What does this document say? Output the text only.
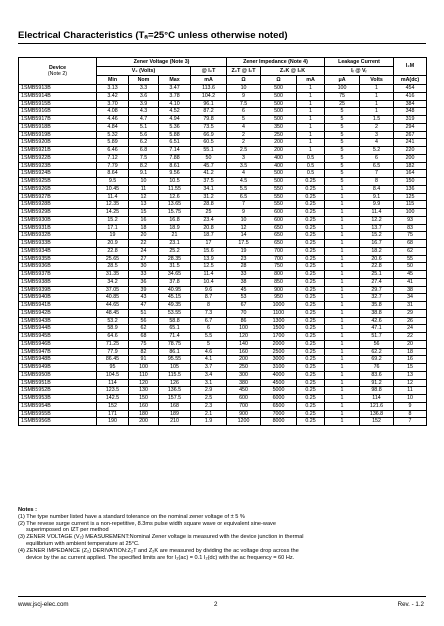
Electrical Characteristics (Tₐ=25°C unless otherwise noted)
Device
(Note 2)	Zener Voltage (Note 3)				Zener Impedance (Note 4)			Leakage Current		I₂M
	V₂ (Volts)			@ I₂T	Z₂T @ I₂T	Z₂K @ I₂K		Iᵣ @ Vᵣ		
	Min	Nom	Max	mA	Ω	Ω	mA	μA	Volts	mA(dc)
1SMB5913B	3.13	3.3	3.47	113.6	10	500	1	100	1	454
1SMB5914B	3.42	3.6	3.78	104.2	9	500	1	75	1	416
1SMB5915B	3.70	3.9	4.10	96.1	7.5	500	1	25	1	384
1SMB5916B	4.08	4.3	4.52	87.2	6	500	1	5	1	348
1SMB5917B	4.46	4.7	4.94	79.8	5	500	1	5	1.5	319
1SMB5918B	4.84	5.1	5.36	73.5	4	350	1	5	2	294
1SMB5919B	5.32	5.6	5.88	66.9	2	250	1	5	3	267
1SMB5920B	5.89	6.2	6.51	60.5	2	200	1	5	4	241
1SMB5921B	6.46	6.8	7.14	55.1	2.5	200	1	5	5.2	220
1SMB5922B	7.12	7.5	7.88	50	3	400	0.5	5	6	200
1SMB5923B	7.79	8.2	8.61	45.7	3.5	400	0.5	5	6.5	182
1SMB5924B	8.64	9.1	9.56	41.2	4	500	0.5	5	7	164
1SMB5925B	9.5	10	10.5	37.5	4.5	500	0.25	5	8	150
1SMB5926B	10.45	11	11.55	34.1	5.5	550	0.25	1	8.4	136
1SMB5927B	11.4	12	12.6	31.2	6.5	550	0.25	1	9.1	125
1SMB5928B	12.35	13	13.65	28.8	7	550	0.25	1	9.9	115
1SMB5929B	14.25	15	15.75	25	9	600	0.25	1	11.4	100
1SMB5930B	15.2	16	16.8	23.4	10	600	0.25	1	12.2	93
1SMB5931B	17.1	18	18.9	20.8	12	650	0.25	1	13.7	83
1SMB5932B	19	20	21	18.7	14	650	0.25	1	15.2	75
1SMB5933B	20.9	22	23.1	17	17.5	650	0.25	1	16.7	68
1SMB5934B	22.8	24	25.2	15.6	19	700	0.25	1	18.2	62
1SMB5935B	25.65	27	28.35	13.9	23	700	0.25	1	20.6	55
1SMB5936B	28.5	30	31.5	12.5	28	750	0.25	1	22.8	50
1SMB5937B	31.35	33	34.65	11.4	33	800	0.25	1	25.1	45
1SMB5938B	34.2	36	37.8	10.4	38	850	0.25	1	27.4	41
1SMB5939B	37.05	39	40.95	9.6	45	900	0.25	1	29.7	38
1SMB5940B	40.85	43	45.15	8.7	53	950	0.25	1	32.7	34
1SMB5941B	44.65	47	49.35	8	67	1000	0.25	1	35.8	31
1SMB5942B	48.45	51	53.55	7.3	70	1100	0.25	1	38.8	29
1SMB5943B	53.2	56	58.8	6.7	86	1300	0.25	1	42.6	26
1SMB5944B	58.9	62	65.1	6	100	1500	0.25	1	47.1	24
1SMB5945B	64.6	68	71.4	5.5	120	1700	0.25	1	51.7	22
1SMB5946B	71.25	75	78.75	5	140	2000	0.25	1	56	20
1SMB5947B	77.9	82	86.1	4.6	160	2500	0.25	1	62.2	18
1SMB5948B	86.45	91	95.55	4.1	200	3000	0.25	1	69.2	16
1SMB5949B	95	100	105	3.7	250	3100	0.25	1	76	15
1SMB5950B	104.5	110	115.5	3.4	300	4000	0.25	1	83.6	13
1SMB5951B	114	120	126	3.1	380	4500	0.25	1	91.2	12
1SMB5952B	123.5	130	136.5	2.9	450	5000	0.25	1	98.8	11
1SMB5953B	142.5	150	157.5	2.5	600	6000	0.25	1	114	10
1SMB5954B	152	160	168	2.3	700	6500	0.25	1	121.6	9
1SMB5955B	171	180	189	2.1	900	7000	0.25	1	136.8	8
1SMB5956B	190	200	210	1.9	1200	8000	0.25	1	152	7

Notes :

(1) The type number listed have a standard tolerance on the nominal zener voltage of ± 5 %

(2) The revese surge current is a non-repetitive, 8.3ms pulse width square wave or equivalent sine-wave

superimposed on IZT per method

(3) ZENER VOLTAGE (V₂) MEASUREMENT:Nominal Zener voltage is measured with the device junction in thermal

equilibrium with ambient temperature at 25°C.

(4) ZENER IMPEDANCE (Z₂) DERIVATION:Z₂T and Z₂K are measured by dividing the ac voltage drop across the

device by the ac current applied. The specified limits are for I₂(ac) = 0.1 I₂(dc) with the ac frequency = 60 Hz.

www.jscj-elec.com	2	Rev. - 1.2
